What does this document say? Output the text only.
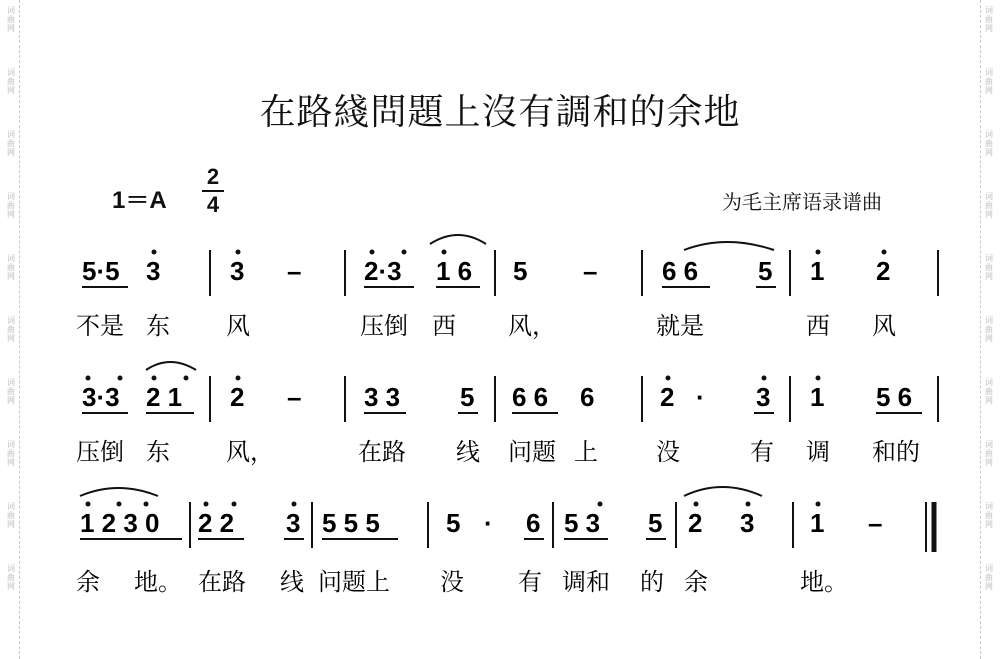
词
曲
网
词
曲
网
词
曲
网
词
曲
网
词
曲
网
词
曲
网
词
曲
网
词
曲
网
词
曲
网
词
曲
网
词
曲
网
词
曲
网
词
曲
网
词
曲
网
词
曲
网
词
曲
网
词
曲
网
词
曲
网
词
曲
网
词
曲
网
在路綫問題上沒有調和的余地
1＝A
2
4	为毛主席语录谱曲
5·5 3	3 – 2·3 1 6 5 – 6 6 5 1 2
不是 东 风	压倒 西 风，	就是	西 风
3·3 2 1 2 – 3 3 5 6 6 6	2 · 3 1 5 6
压倒 东 风，	在路 线 问题 上 没	有 调 和的
1 2 3 0 2 2 3 5 5 5	5 · 6 5 3 5 2 3 1 –
余 地。 在路 线 问题上 没 有 调和 的 余	地。
